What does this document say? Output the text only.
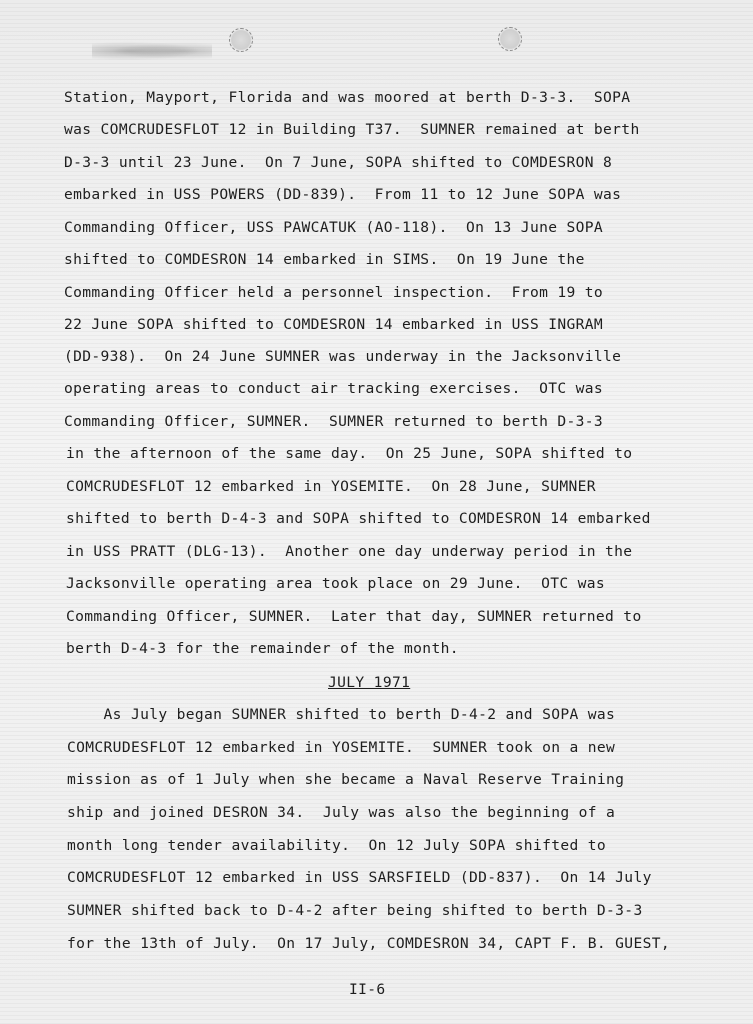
Station, Mayport, Florida and was moored at berth D-3-3.  SOPA
was COMCRUDESFLOT 12 in Building T37.  SUMNER remained at berth
D-3-3 until 23 June.  On 7 June, SOPA shifted to COMDESRON 8
embarked in USS POWERS (DD-839).  From 11 to 12 June SOPA was
Commanding Officer, USS PAWCATUK (AO-118).  On 13 June SOPA
shifted to COMDESRON 14 embarked in SIMS.  On 19 June the
Commanding Officer held a personnel inspection.  From 19 to
22 June SOPA shifted to COMDESRON 14 embarked in USS INGRAM
(DD-938).  On 24 June SUMNER was underway in the Jacksonville
operating areas to conduct air tracking exercises.  OTC was
Commanding Officer, SUMNER.  SUMNER returned to berth D-3-3
in the afternoon of the same day.  On 25 June, SOPA shifted to
COMCRUDESFLOT 12 embarked in YOSEMITE.  On 28 June, SUMNER
shifted to berth D-4-3 and SOPA shifted to COMDESRON 14 embarked
in USS PRATT (DLG-13).  Another one day underway period in the
Jacksonville operating area took place on 29 June.  OTC was
Commanding Officer, SUMNER.  Later that day, SUMNER returned to
berth D-4-3 for the remainder of the month.
JULY 1971
As July began SUMNER shifted to berth D-4-2 and SOPA was
COMCRUDESFLOT 12 embarked in YOSEMITE.  SUMNER took on a new
mission as of 1 July when she became a Naval Reserve Training
ship and joined DESRON 34.  July was also the beginning of a
month long tender availability.  On 12 July SOPA shifted to
COMCRUDESFLOT 12 embarked in USS SARSFIELD (DD-837).  On 14 July
SUMNER shifted back to D-4-2 after being shifted to berth D-3-3
for the 13th of July.  On 17 July, COMDESRON 34, CAPT F. B. GUEST,
II-6
